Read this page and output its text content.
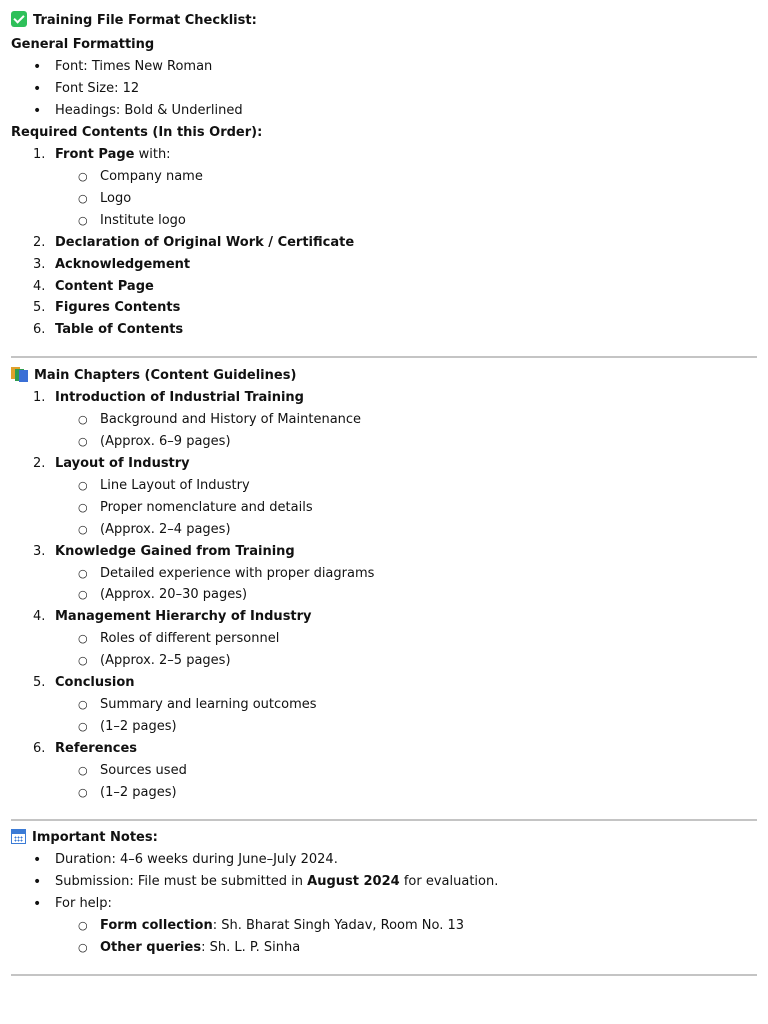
Training File Format Checklist:
General Formatting
• Font: Times New Roman
• Font Size: 12
• Headings: Bold & Underlined
Required Contents (In this Order):
1. Front Page with:
○ Company name
○ Logo
○ Institute logo
2. Declaration of Original Work / Certificate
3. Acknowledgement
4. Content Page
5. Figures Contents
6. Table of Contents
Main Chapters (Content Guidelines)
1. Introduction of Industrial Training
○ Background and History of Maintenance
○ (Approx. 6–9 pages)
2. Layout of Industry
○ Line Layout of Industry
○ Proper nomenclature and details
○ (Approx. 2–4 pages)
3. Knowledge Gained from Training
○ Detailed experience with proper diagrams
○ (Approx. 20–30 pages)
4. Management Hierarchy of Industry
○ Roles of different personnel
○ (Approx. 2–5 pages)
5. Conclusion
○ Summary and learning outcomes
○ (1–2 pages)
6. References
○ Sources used
○ (1–2 pages)
Important Notes:
• Duration: 4–6 weeks during June–July 2024.
• Submission: File must be submitted in August 2024 for evaluation.
• For help:
○ Form collection: Sh. Bharat Singh Yadav, Room No. 13
○ Other queries: Sh. L. P. Sinha
